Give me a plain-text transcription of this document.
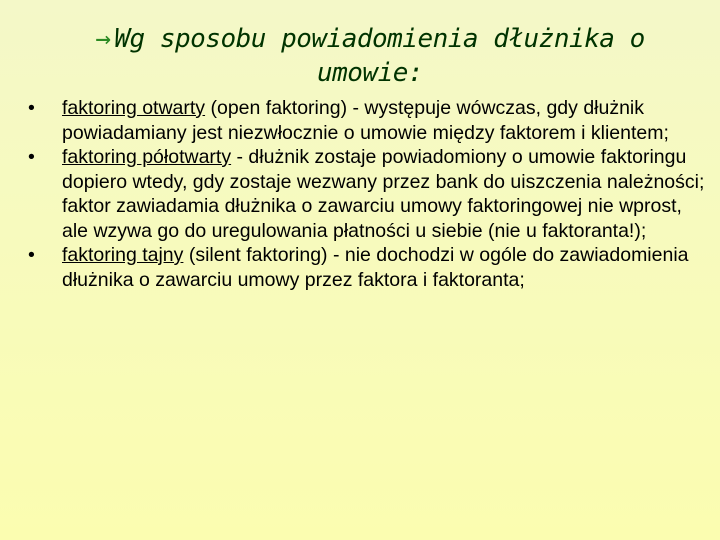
→ Wg sposobu powiadomienia dłużnika o
umowie:
•	faktoring otwarty (open faktoring) - występuje wówczas, gdy dłużnik powiadamiany jest niezwłocznie o umowie między faktorem i klientem;
•	faktoring półotwarty - dłużnik zostaje powiadomiony o umowie faktoringu dopiero wtedy, gdy zostaje wezwany przez bank do uiszczenia należności; faktor zawiadamia dłużnika o zawarciu umowy faktoringowej nie wprost, ale wzywa go do uregulowania płatności u siebie (nie u faktoranta!);
•	faktoring tajny (silent faktoring) - nie dochodzi w ogóle do zawiadomienia dłużnika o zawarciu umowy przez faktora i faktoranta;
